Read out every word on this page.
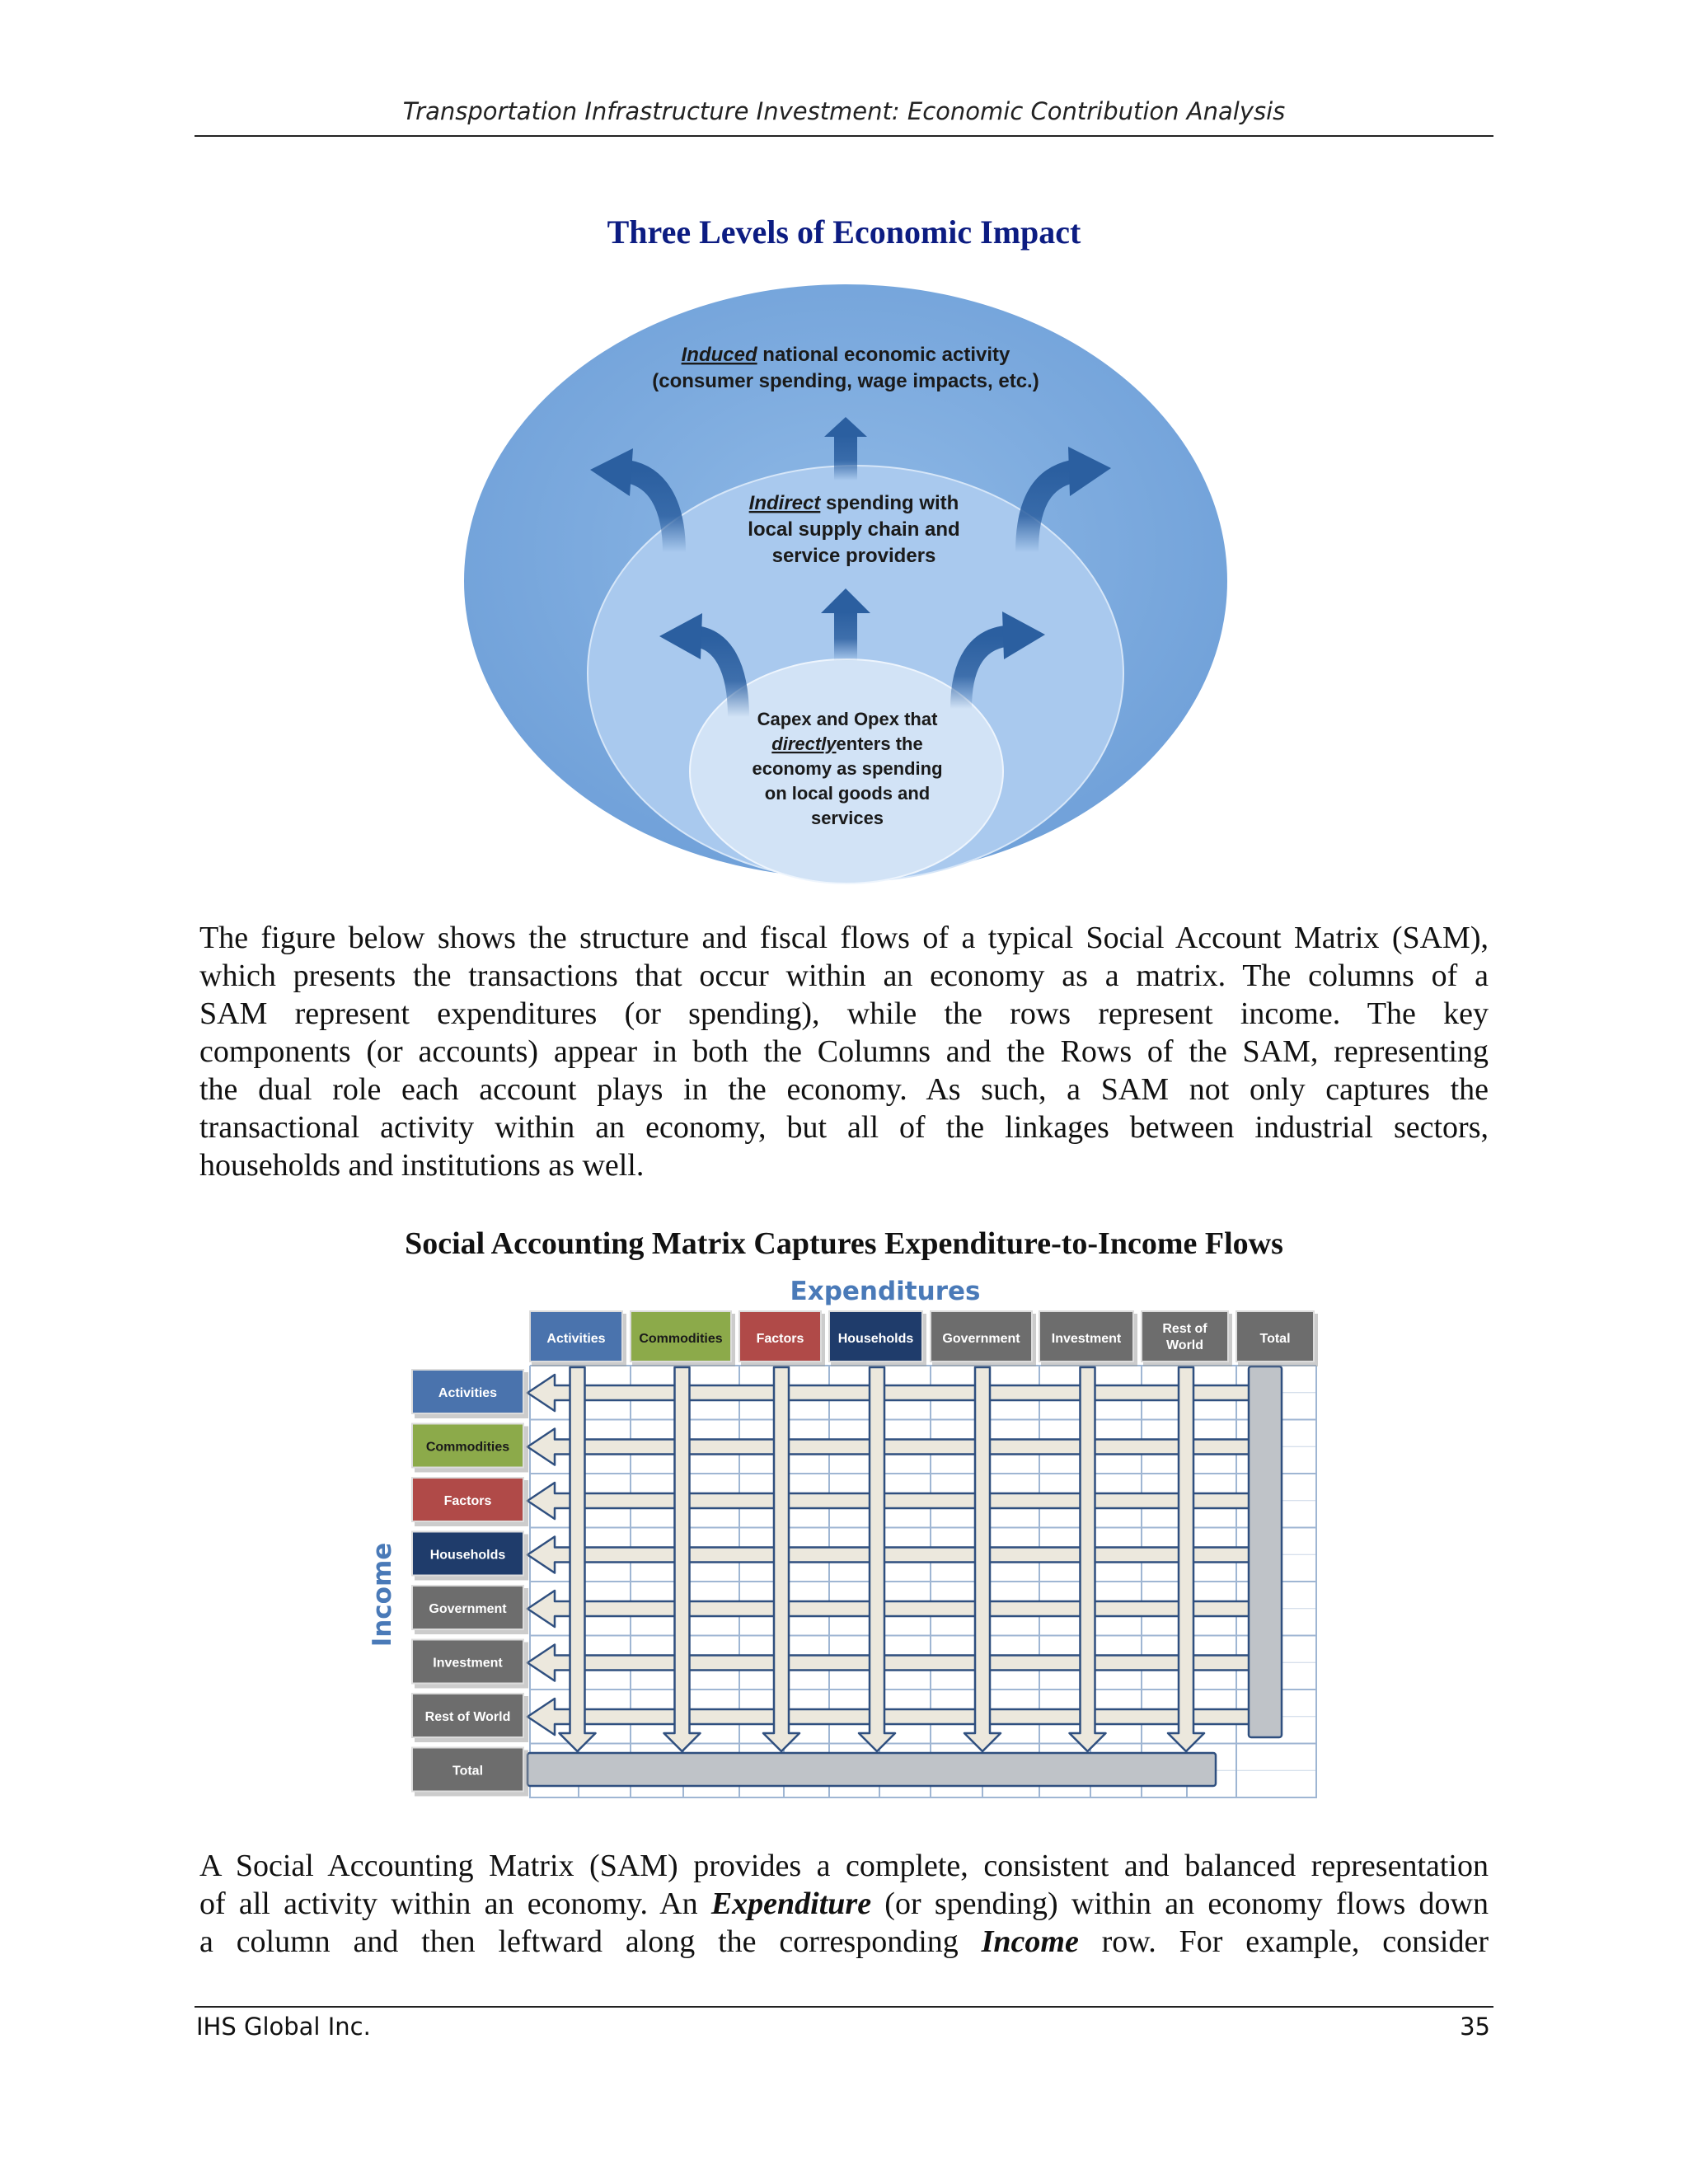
Transportation Infrastructure Investment: Economic Contribution Analysis
Three Levels of Economic Impact
Induced national economic activity
(consumer spending, wage impacts, etc.)
Indirect spending with
local supply chain and
service providers
Capex and Opex that
directlyenters the
economy as spending
on local goods and
services
The figure below shows the structure and fiscal flows of a typical Social Account Matrix (SAM),
which presents the transactions that occur within an economy as a matrix. The columns of a
SAM represent expenditures (or spending), while the rows represent income. The key
components (or accounts) appear in both the Columns and the Rows of the SAM, representing
the dual role each account plays in the economy. As such, a SAM not only captures the
transactional activity within an economy, but all of the linkages between industrial sectors,
households and institutions as well.
Social Accounting Matrix Captures Expenditure-to-Income Flows
Expenditures
Income
Activities	Commodities	Factors	Households Government Investment
Rest of
World	Total
Activities
Commodities
Factors
Households
Government
Investment
Rest of World
Total
A Social Accounting Matrix (SAM) provides a complete, consistent and balanced representation
of all activity within an economy. An Expenditure (or spending) within an economy flows down
a column and then leftward along the corresponding Income row. For example, consider
IHS Global Inc.	35
